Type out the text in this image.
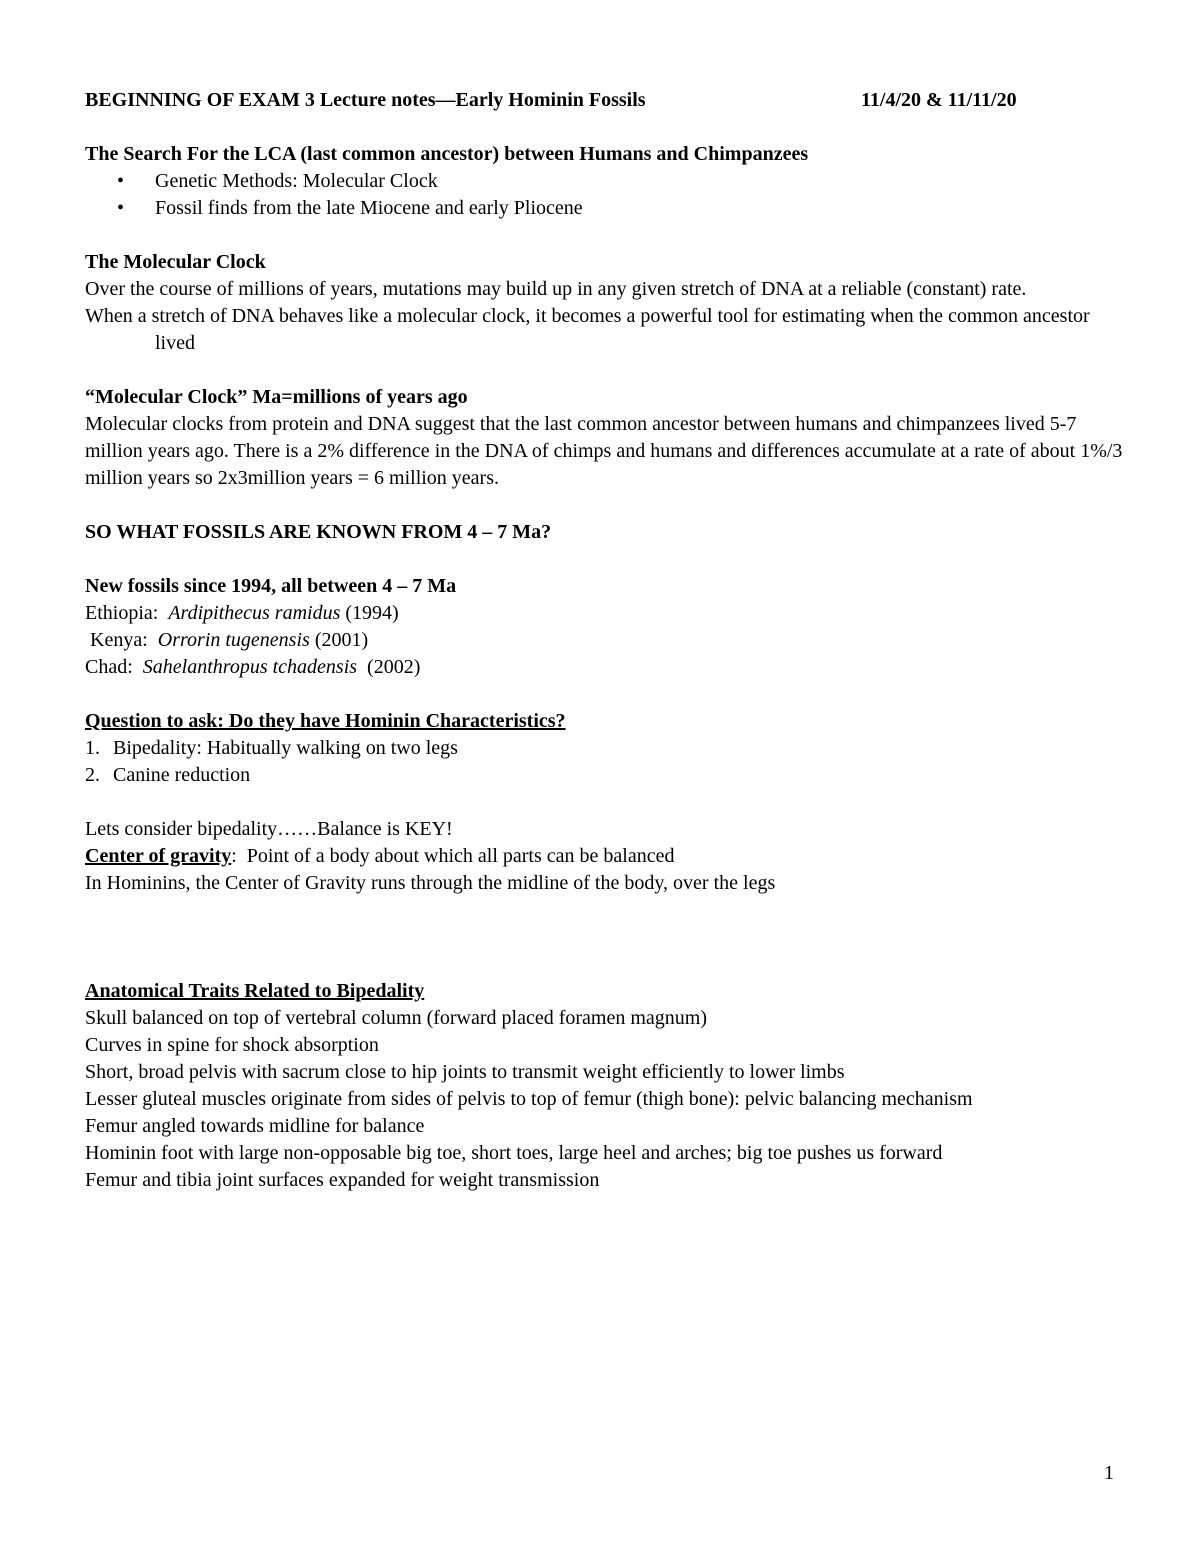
BEGINNING OF EXAM 3 Lecture notes—Early Hominin Fossils	11/4/20 & 11/11/20

The Search For the LCA (last common ancestor) between Humans and Chimpanzees

• Genetic Methods: Molecular Clock
• Fossil finds from the late Miocene and early Pliocene

The Molecular Clock

Over the course of millions of years, mutations may build up in any given stretch of DNA at a reliable (constant) rate.

When a stretch of DNA behaves like a molecular clock, it becomes a powerful tool for estimating when the common ancestor lived

“Molecular Clock” Ma=millions of years ago

Molecular clocks from protein and DNA suggest that the last common ancestor between humans and chimpanzees lived 5-7 million years ago. There is a 2% difference in the DNA of chimps and humans and differences accumulate at a rate of about 1%/3 million years so 2x3million years = 6 million years.

SO WHAT FOSSILS ARE KNOWN FROM 4 – 7 Ma?

New fossils since 1994, all between 4 – 7 Ma

Ethiopia:  Ardipithecus ramidus (1994)

Kenya:  Orrorin tugenensis (2001)

Chad:  Sahelanthropus tchadensis  (2002)

Question to ask: Do they have Hominin Characteristics?

1. Bipedality: Habitually walking on two legs
2. Canine reduction

Lets consider bipedality……Balance is KEY!

Center of gravity:  Point of a body about which all parts can be balanced

In Hominins, the Center of Gravity runs through the midline of the body, over the legs

Anatomical Traits Related to Bipedality

Skull balanced on top of vertebral column (forward placed foramen magnum)

Curves in spine for shock absorption

Short, broad pelvis with sacrum close to hip joints to transmit weight efficiently to lower limbs

Lesser gluteal muscles originate from sides of pelvis to top of femur (thigh bone): pelvic balancing mechanism

Femur angled towards midline for balance

Hominin foot with large non-opposable big toe, short toes, large heel and arches; big toe pushes us forward

Femur and tibia joint surfaces expanded for weight transmission

1
